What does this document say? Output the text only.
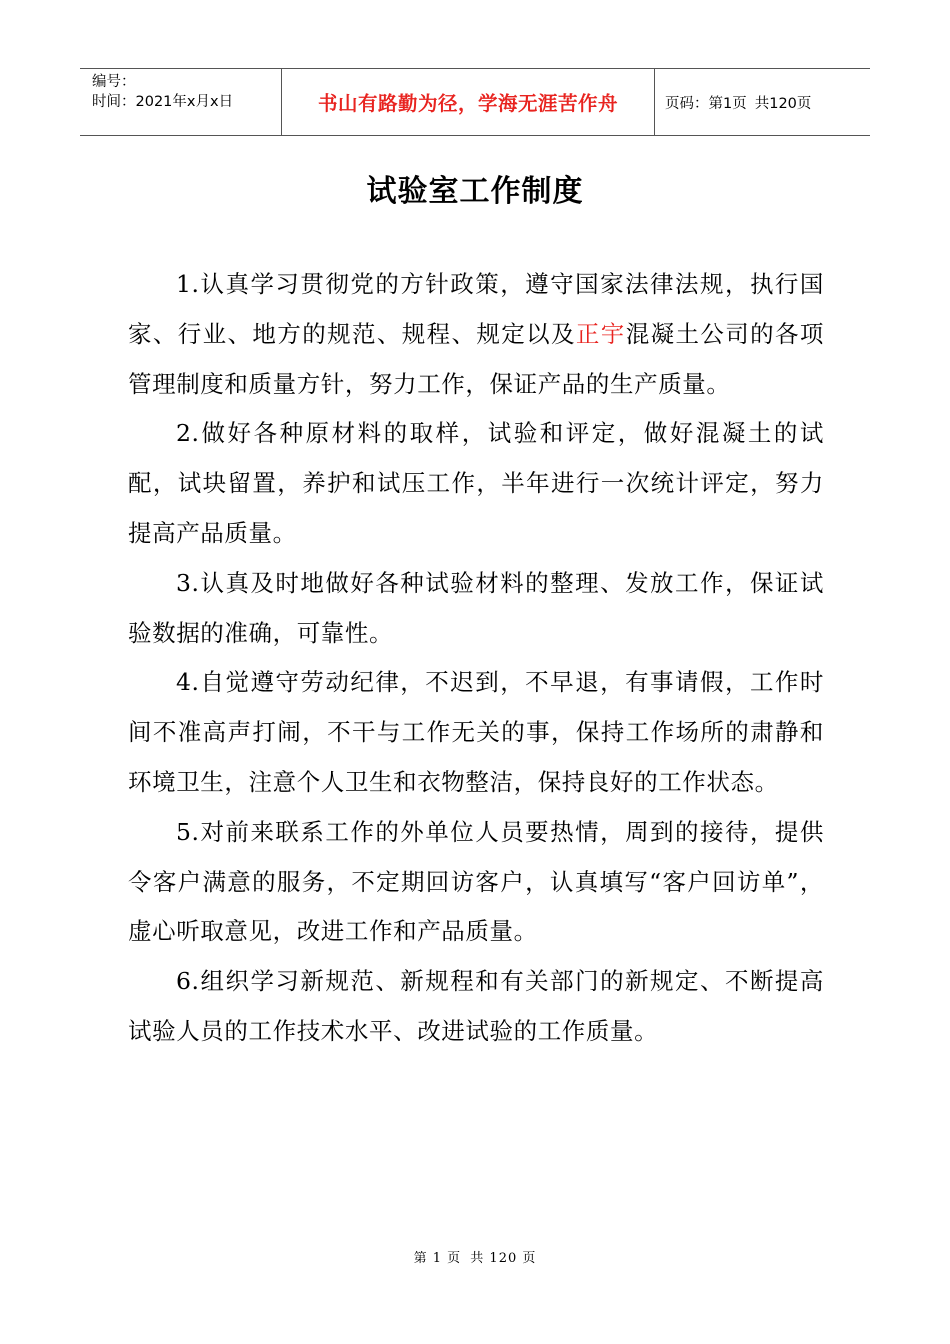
编号：
时间：2021年x月x日	书山有路勤为径，学海无涯苦作舟	页码：第1页 共120页
试验室工作制度

1.认真学习贯彻党的方针政策，遵守国家法律法规，执行国家、行业、地方的规范、规程、规定以及正宇混凝土公司的各项管理制度和质量方针，努力工作，保证产品的生产质量。

2.做好各种原材料的取样，试验和评定，做好混凝土的试配，试块留置，养护和试压工作，半年进行一次统计评定，努力提高产品质量。

3.认真及时地做好各种试验材料的整理、发放工作，保证试验数据的准确，可靠性。

4.自觉遵守劳动纪律，不迟到，不早退，有事请假，工作时间不准高声打闹，不干与工作无关的事，保持工作场所的肃静和环境卫生，注意个人卫生和衣物整洁，保持良好的工作状态。

5.对前来联系工作的外单位人员要热情，周到的接待，提供令客户满意的服务，不定期回访客户，认真填写“客户回访单”，虚心听取意见，改进工作和产品质量。

6.组织学习新规范、新规程和有关部门的新规定、不断提高试验人员的工作技术水平、改进试验的工作质量。

第 1 页 共 120 页
